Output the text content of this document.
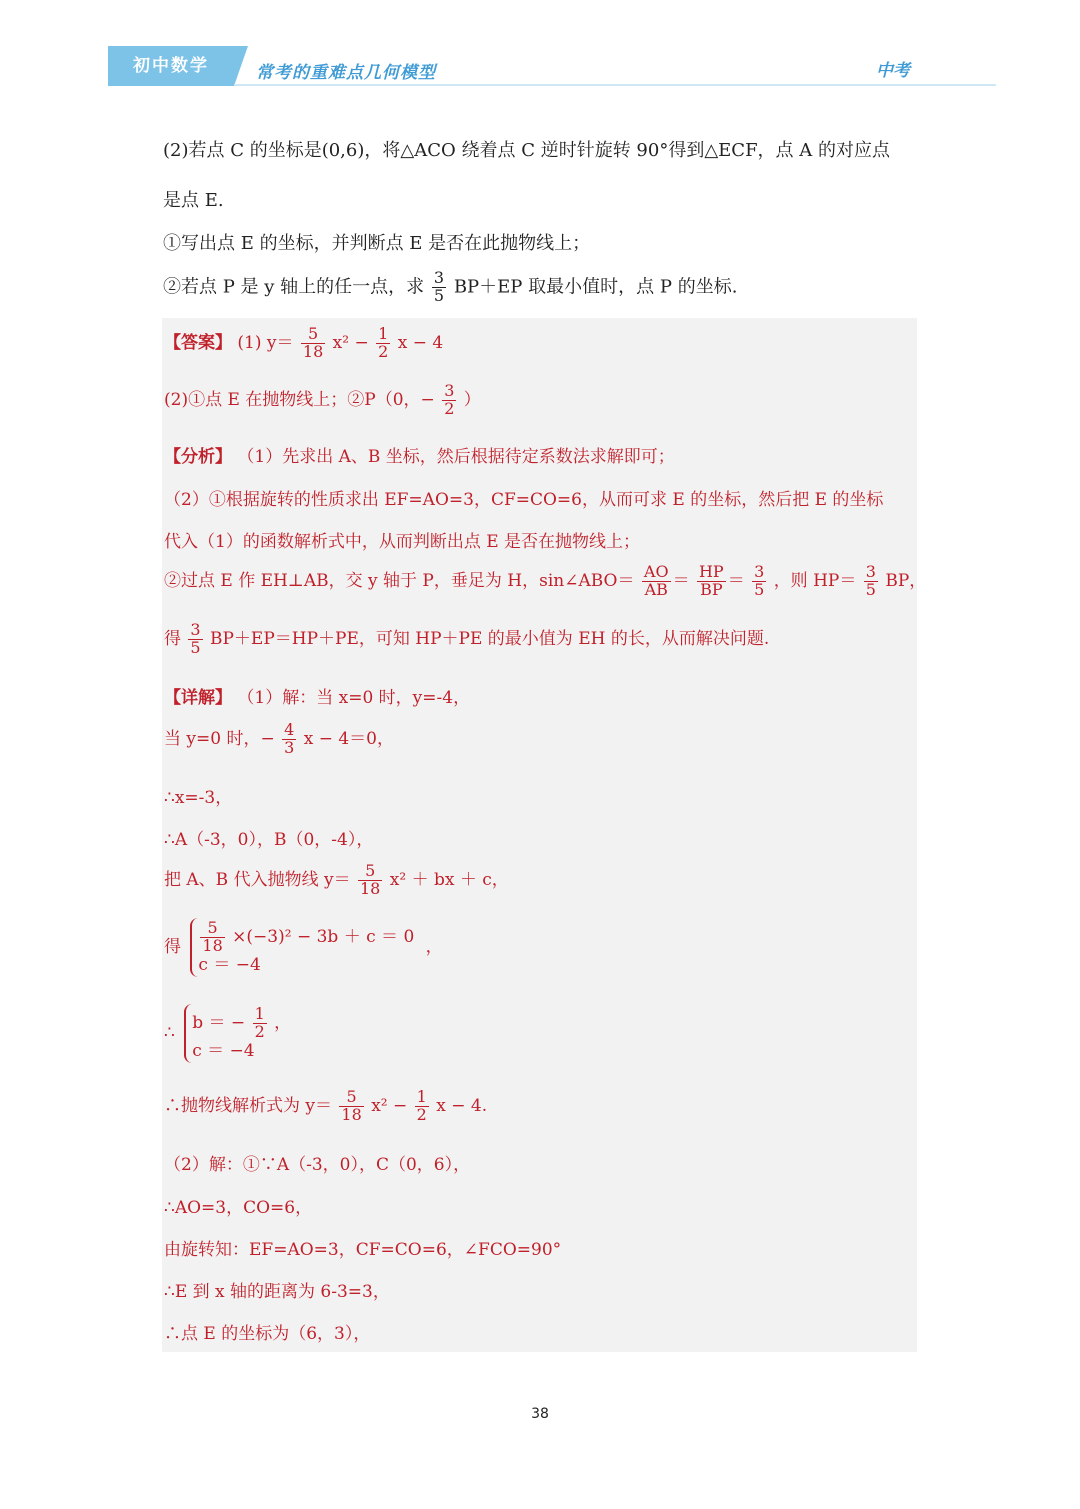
初中数学	常考的重难点几何模型	中考
(2)若点 C 的坐标是(0,6)，将△ACO 绕着点 C 逆时针旋转 90°得到△ECF，点 A 的对应点
是点 E.
①写出点 E 的坐标，并判断点 E 是否在此抛物线上；
②若点 P 是 y 轴上的任一点，求 $\frac{3}{5} BP+EP$ 取最小值时，点 P 的坐标.
【答案】 (1) $y= \frac{5}{18} x^2 - \frac{1}{2}$ x − 4
(2)①点 E 在抛物线上；②P（0，− $\frac{3}{2}$ ）
【分析】 （1）先求出 A、B 坐标，然后根据待定系数法求解即可；
（2）①根据旋转的性质求出 EF=AO=3，CF=CO=6，从而可求 E 的坐标，然后把 E 的坐标
代入（1）的函数解析式中，从而判断出点 E 是否在抛物线上；
②过点 E 作 EH⊥AB，交 y 轴于 P，垂足为 H，sin∠ABO＝ $\frac{AO}{AB} = \frac{HP}{BP} = \frac{3}{5}$ ，则 $HP= \frac{3}{5}$ BP，
得 $\frac{3}{5} BP+EP=HP+PE$，可知 HP＋PE 的最小值为 EH 的长，从而解决问题.
【详解】 （1）解：当 x=0 时，y=-4，
当 y=0 时，− $\frac{4}{3}$ x − 4＝0，
∴x=-3，
∴A（-3，0），B（0，-4），
把 A、B 代入抛物线 $y= \frac{5}{18} x^2$ ＋ bx ＋ c，
得 $\frac{5}{18} \times(-3)^2 - 3b + c = 0$
c ＝ −4
，
∴
b ＝ − $\frac{1}{2}$ ，
c ＝ −4
∴抛物线解析式为 $y= \frac{5}{18} x^2 - \frac{1}{2}$ x − 4.
（2）解：①∵A（-3，0），C（0，6），
∴AO=3，CO=6，
由旋转知：EF=AO=3，CF=CO=6，∠FCO=90°
∴E 到 x 轴的距离为 6-3=3，
∴点 E 的坐标为（6，3），
38
